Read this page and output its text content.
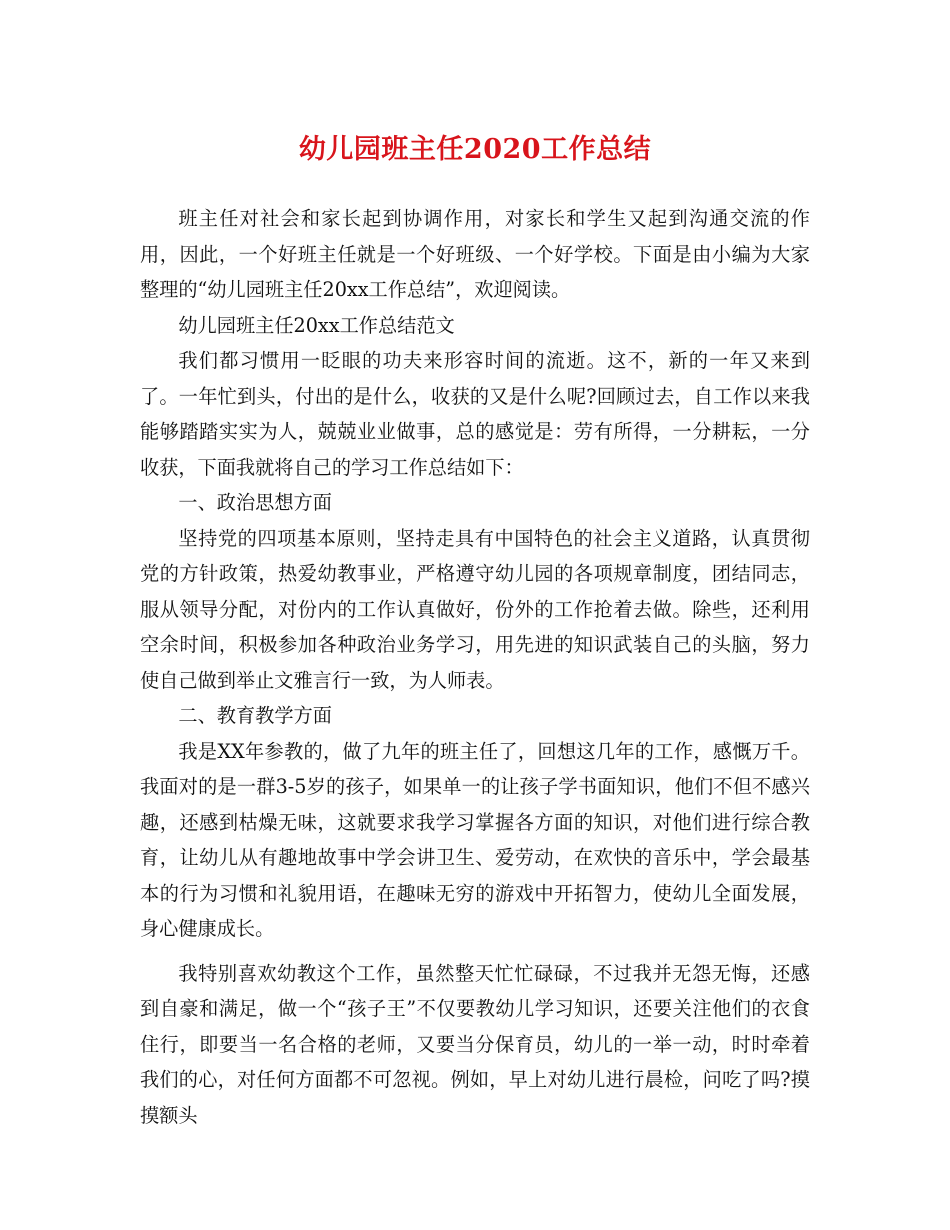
幼儿园班主任2020工作总结

班主任对社会和家长起到协调作用，对家长和学生又起到沟通交流的作用，因此，一个好班主任就是一个好班级、一个好学校。下面是由小编为大家整理的“幼儿园班主任20xx工作总结”，欢迎阅读。

幼儿园班主任20xx工作总结范文

我们都习惯用一眨眼的功夫来形容时间的流逝。这不，新的一年又来到了。一年忙到头，付出的是什么，收获的又是什么呢?回顾过去，自工作以来我能够踏踏实实为人，兢兢业业做事，总的感觉是：劳有所得，一分耕耘，一分收获，下面我就将自己的学习工作总结如下：

一、政治思想方面

坚持党的四项基本原则，坚持走具有中国特色的社会主义道路，认真贯彻党的方针政策，热爱幼教事业，严格遵守幼儿园的各项规章制度，团结同志，服从领导分配，对份内的工作认真做好，份外的工作抢着去做。除些，还利用空余时间，积极参加各种政治业务学习，用先进的知识武装自己的头脑，努力使自己做到举止文雅言行一致，为人师表。

二、教育教学方面

我是XX年参教的，做了九年的班主任了，回想这几年的工作，感慨万千。我面对的是一群3-5岁的孩子，如果单一的让孩子学书面知识，他们不但不感兴趣，还感到枯燥无味，这就要求我学习掌握各方面的知识，对他们进行综合教育，让幼儿从有趣地故事中学会讲卫生、爱劳动，在欢快的音乐中，学会最基本的行为习惯和礼貌用语，在趣味无穷的游戏中开拓智力，使幼儿全面发展，身心健康成长。

我特别喜欢幼教这个工作，虽然整天忙忙碌碌，不过我并无怨无悔，还感到自豪和满足，做一个“孩子王”不仅要教幼儿学习知识，还要关注他们的衣食住行，即要当一名合格的老师，又要当分保育员，幼儿的一举一动，时时牵着我们的心，对任何方面都不可忽视。例如，早上对幼儿进行晨检，问吃了吗?摸摸额头
